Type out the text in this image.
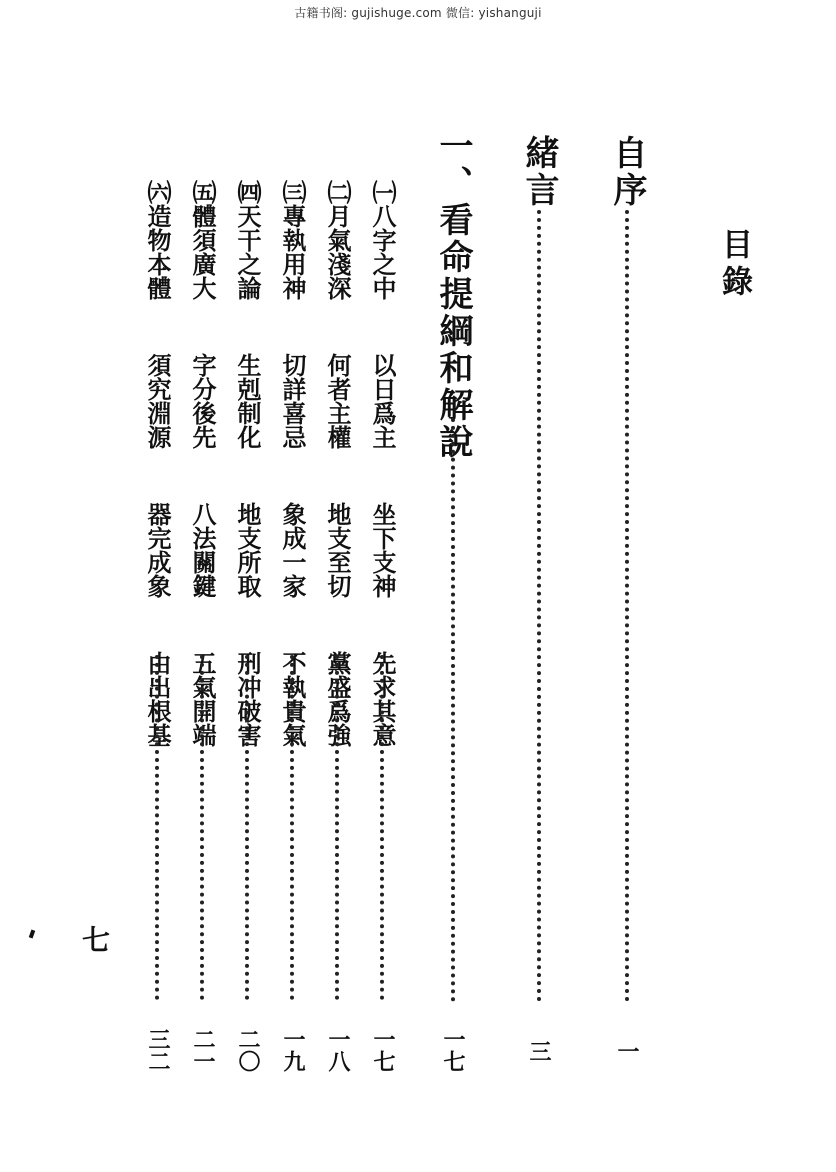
古籍书阁: gujishuge.com 微信: yishanguji
目錄
自序
一
緒言
三
一、看命提綱和解說
一七
㈠八字之中 以日爲主 坐下支神 先求其意
一七
㈡月氣淺深 何者主權 地支至切 黨盛爲強
一八
㈢專執用神 切詳喜忌 象成一家 不執貴氣
一九
㈣天干之論 生剋制化 地支所取 刑冲破害
二〇
㈤體須廣大 字分後先 八法關鍵 五氣開端
二一
㈥造物本體 須究淵源 器完成象 由出根基
三二
七
